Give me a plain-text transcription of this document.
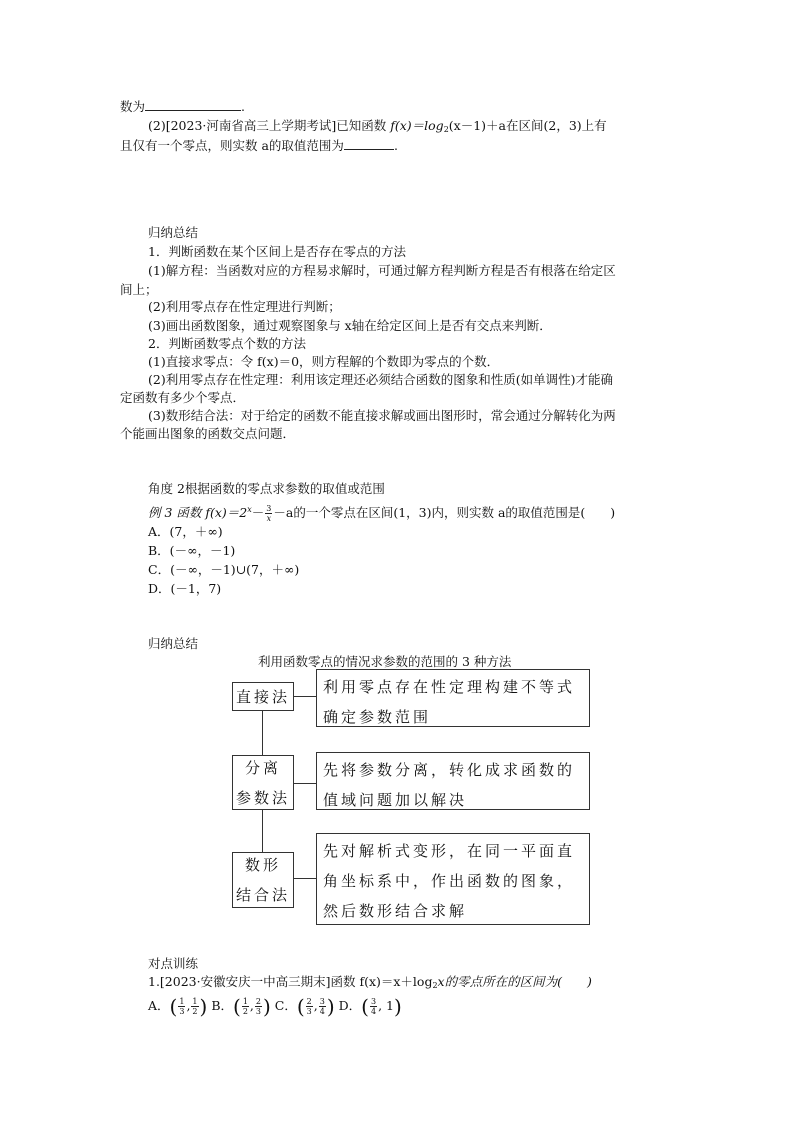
数为	.
(2)[2023·河南省高三上学期考试]已知函数 $f(x)=\log_2(x-1)+a$在区间(2，3)上有
且仅有一个零点，则实数 a的取值范围为	.
归纳总结
1．判断函数在某个区间上是否存在零点的方法
(1)解方程：当函数对应的方程易求解时，可通过解方程判断方程是否有根落在给定区
间上；
(2)利用零点存在性定理进行判断；
(3)画出函数图象，通过观察图象与 x轴在给定区间上是否有交点来判断．
2．判断函数零点个数的方法
(1)直接求零点：令 f(x)＝0，则方程解的个数即为零点的个数．
(2)利用零点存在性定理：利用该定理还必须结合函数的图象和性质(如单调性)才能确
定函数有多少个零点．
(3)数形结合法：对于给定的函数不能直接求解或画出图形时，常会通过分解转化为两
个能画出图象的函数交点问题．
角度 2根据函数的零点求参数的取值或范围
例 3 函数 $f(x)=2^x- \frac{3}{x} -a$的一个零点在区间(1，3)内，则实数 a的取值范围是(　　)
A．(7，＋∞)
B．(－∞，－1)
C．(－∞，－1)∪(7，＋∞)
D．(－1，7)
归纳总结
利用函数零点的情况求参数的范围的 3 种方法
直接法
利用零点存在性定理构建不等式确定参数范围
分离
参数法
先将参数分离，转化成求函数的值域问题加以解决
数形
结合法
先对解析式变形，在同一平面直角坐标系中，作出函数的图象，然后数形结合求解
对点训练
1.[2023·安徽安庆一中高三期末]函数 $f(x)=x+\log_2x$的零点所在的区间为(　　)
A．( $\frac{1}{3}$ , $\frac{1}{2}$ ) B．( $\frac{1}{2}$ , $\frac{2}{3}$ ) C．( $\frac{2}{3}$ , $\frac{3}{4}$ ) D．( $\frac{3}{4}$ , 1)
